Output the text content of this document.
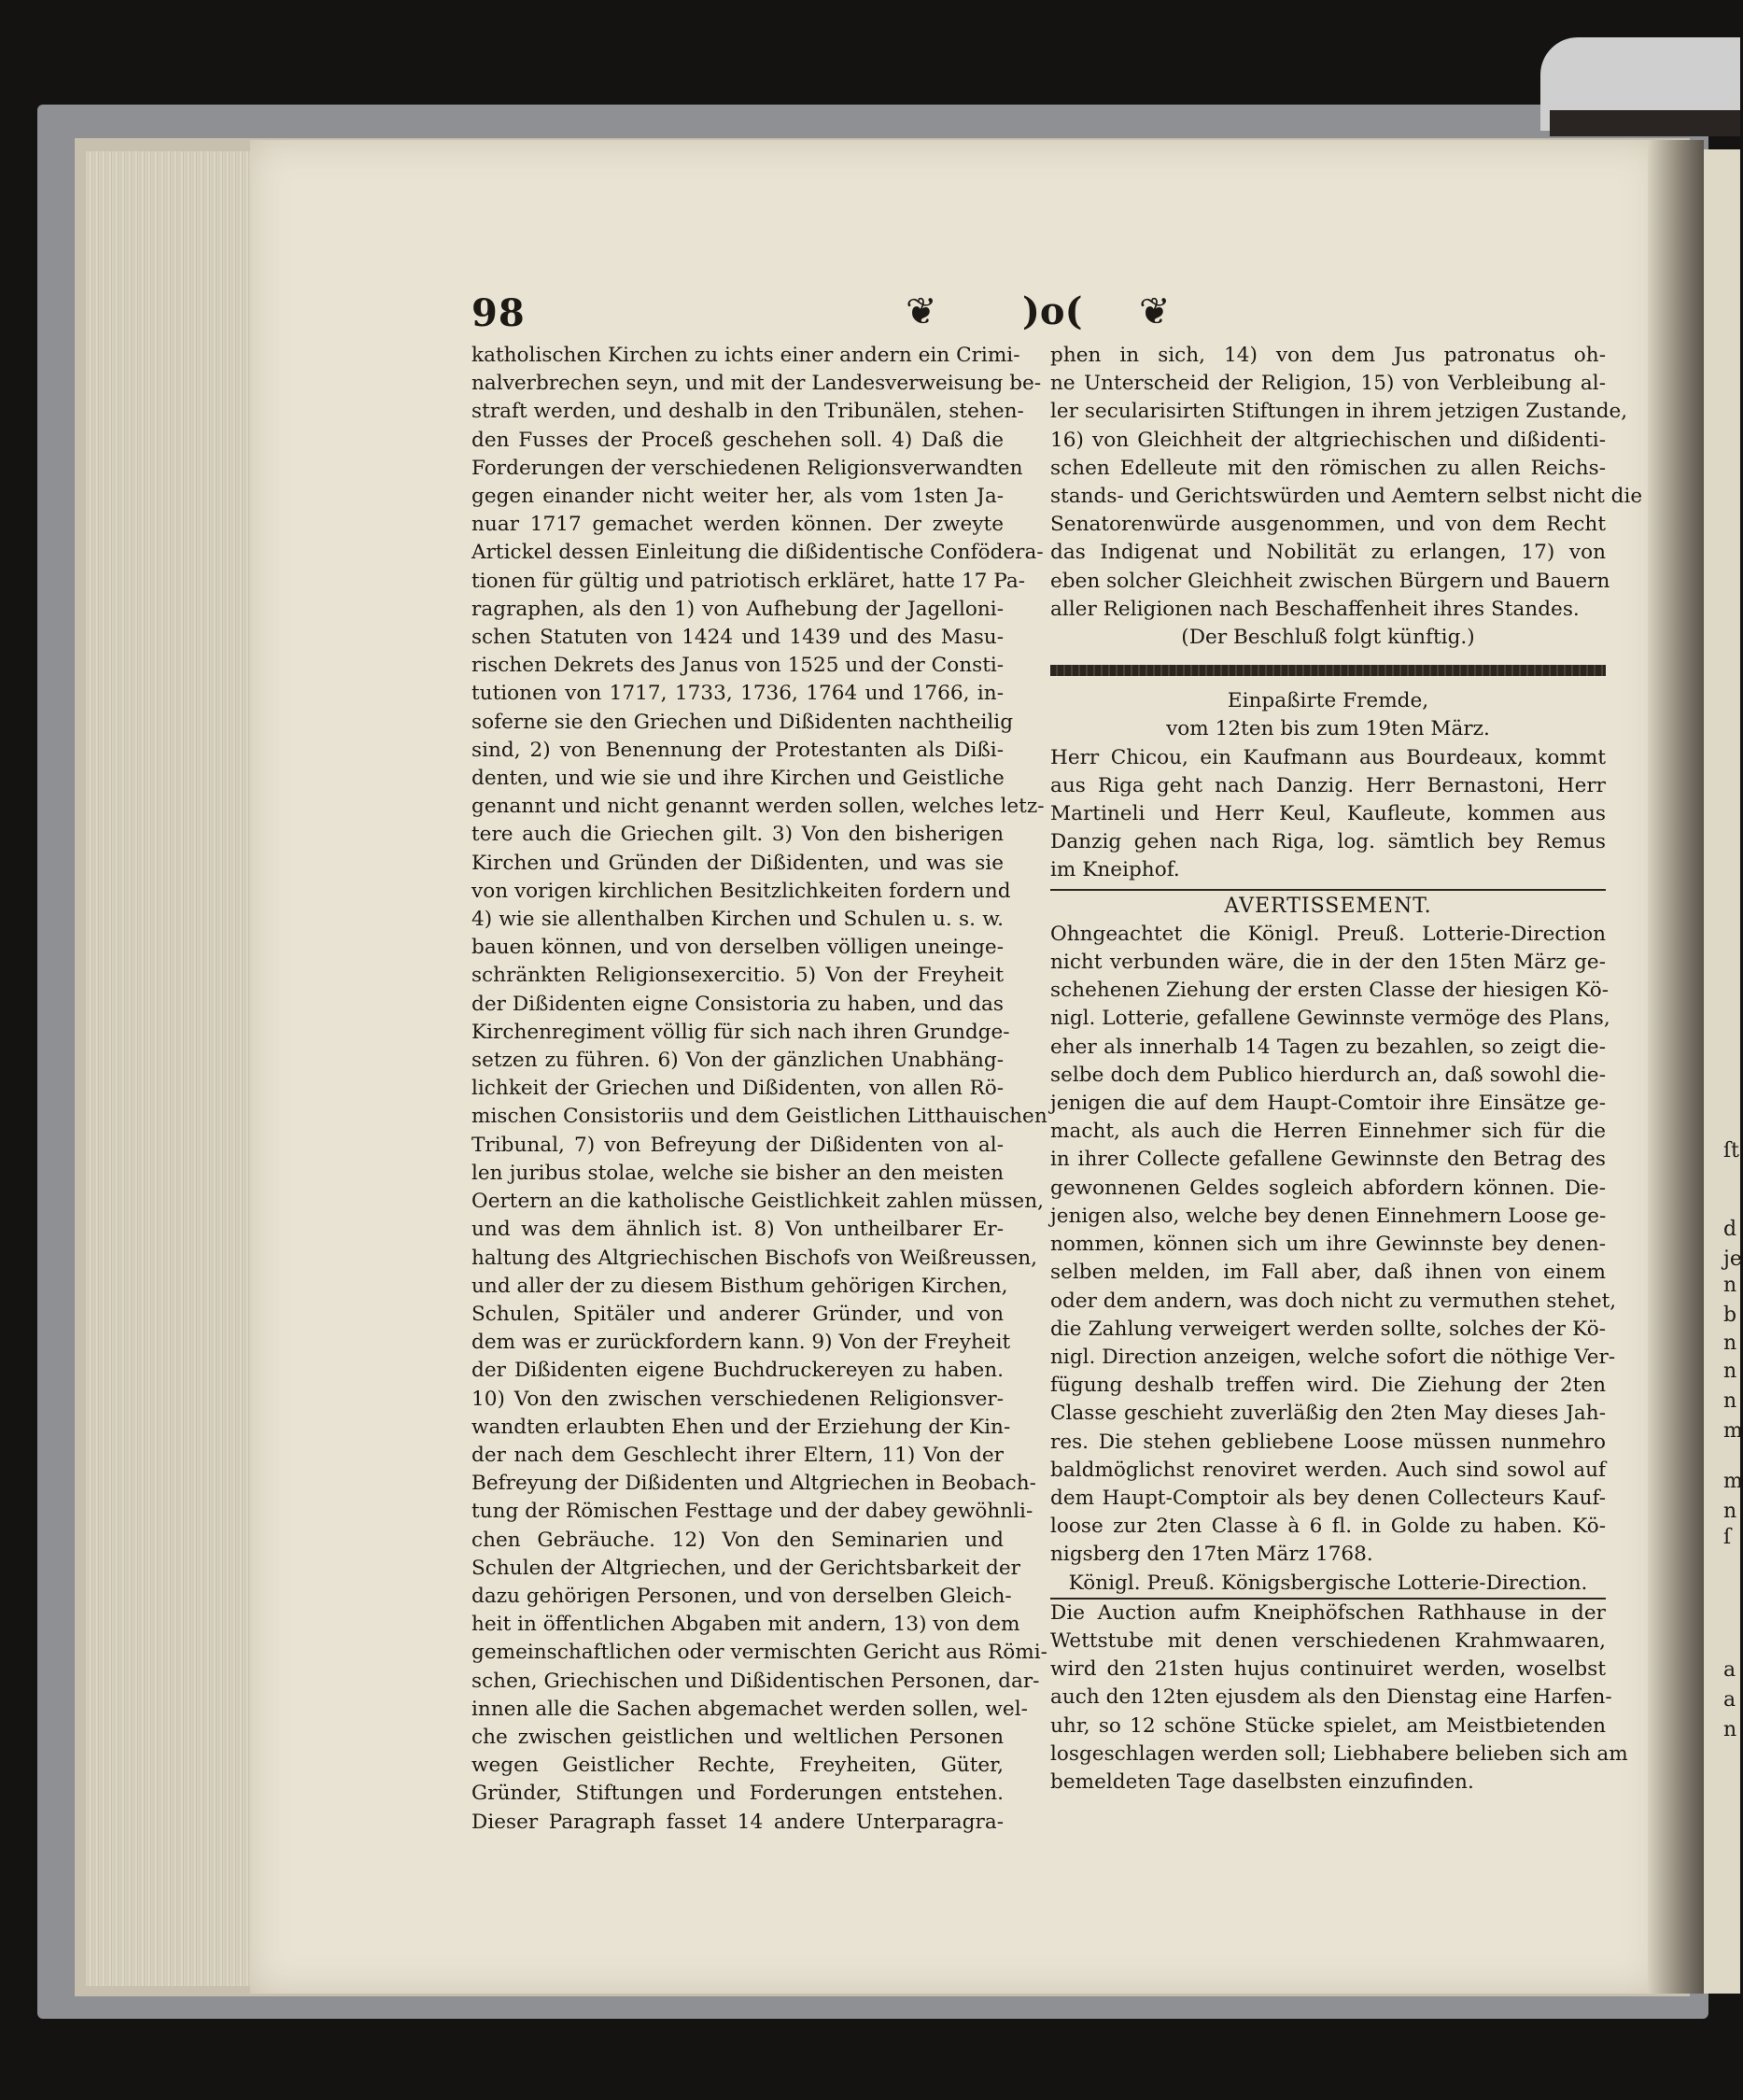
98	❦ )o( ❦
katholischen Kirchen zu ichts einer andern ein Crimi-
nalverbrechen seyn, und mit der Landesverweisung be-
straft werden, und deshalb in den Tribunälen, stehen-
den Fusses der Proceß geschehen soll. 4) Daß die
Forderungen der verschiedenen Religionsverwandten
gegen einander nicht weiter her, als vom 1sten Ja-
nuar 1717 gemachet werden können. Der zweyte
Artickel dessen Einleitung die dißidentische Confödera-
tionen für gültig und patriotisch erkläret, hatte 17 Pa-
ragraphen, als den 1) von Aufhebung der Jagelloni-
schen Statuten von 1424 und 1439 und des Masu-
rischen Dekrets des Janus von 1525 und der Consti-
tutionen von 1717, 1733, 1736, 1764 und 1766, in-
soferne sie den Griechen und Dißidenten nachtheilig
sind, 2) von Benennung der Protestanten als Dißi-
denten, und wie sie und ihre Kirchen und Geistliche
genannt und nicht genannt werden sollen, welches letz-
tere auch die Griechen gilt. 3) Von den bisherigen
Kirchen und Gründen der Dißidenten, und was sie
von vorigen kirchlichen Besitzlichkeiten fordern und
4) wie sie allenthalben Kirchen und Schulen u. s. w.
bauen können, und von derselben völligen uneinge-
schränkten Religionsexercitio. 5) Von der Freyheit
der Dißidenten eigne Consistoria zu haben, und das
Kirchenregiment völlig für sich nach ihren Grundge-
setzen zu führen. 6) Von der gänzlichen Unabhäng-
lichkeit der Griechen und Dißidenten, von allen Rö-
mischen Consistoriis und dem Geistlichen Litthauischen
Tribunal, 7) von Befreyung der Dißidenten von al-
len juribus stolae, welche sie bisher an den meisten
Oertern an die katholische Geistlichkeit zahlen müssen,
und was dem ähnlich ist. 8) Von untheilbarer Er-
haltung des Altgriechischen Bischofs von Weißreussen,
und aller der zu diesem Bisthum gehörigen Kirchen,
Schulen, Spitäler und anderer Gründer, und von
dem was er zurückfordern kann. 9) Von der Freyheit
der Dißidenten eigene Buchdruckereyen zu haben.
10) Von den zwischen verschiedenen Religionsver-
wandten erlaubten Ehen und der Erziehung der Kin-
der nach dem Geschlecht ihrer Eltern, 11) Von der
Befreyung der Dißidenten und Altgriechen in Beobach-
tung der Römischen Festtage und der dabey gewöhnli-
chen Gebräuche. 12) Von den Seminarien und
Schulen der Altgriechen, und der Gerichtsbarkeit der
dazu gehörigen Personen, und von derselben Gleich-
heit in öffentlichen Abgaben mit andern, 13) von dem
gemeinschaftlichen oder vermischten Gericht aus Römi-
schen, Griechischen und Dißidentischen Personen, dar-
innen alle die Sachen abgemachet werden sollen, wel-
che zwischen geistlichen und weltlichen Personen
wegen Geistlicher Rechte, Freyheiten, Güter,
Gründer, Stiftungen und Forderungen entstehen.
Dieser Paragraph fasset 14 andere Unterparagra-
phen in sich, 14) von dem Jus patronatus oh-
ne Unterscheid der Religion, 15) von Verbleibung al-
ler secularisirten Stiftungen in ihrem jetzigen Zustande,
16) von Gleichheit der altgriechischen und dißidenti-
schen Edelleute mit den römischen zu allen Reichs-
stands- und Gerichtswürden und Aemtern selbst nicht die
Senatorenwürde ausgenommen, und von dem Recht
das Indigenat und Nobilität zu erlangen, 17) von
eben solcher Gleichheit zwischen Bürgern und Bauern
aller Religionen nach Beschaffenheit ihres Standes.
(Der Beschluß folgt künftig.)
Einpaßirte Fremde,
vom 12ten bis zum 19ten März.
Herr Chicou, ein Kaufmann aus Bourdeaux, kommt
aus Riga geht nach Danzig. Herr Bernastoni, Herr
Martineli und Herr Keul, Kaufleute, kommen aus
Danzig gehen nach Riga, log. sämtlich bey Remus
im Kneiphof.
AVERTISSEMENT.
Ohngeachtet die Königl. Preuß. Lotterie-Direction
nicht verbunden wäre, die in der den 15ten März ge-
schehenen Ziehung der ersten Classe der hiesigen Kö-
nigl. Lotterie, gefallene Gewinnste vermöge des Plans,
eher als innerhalb 14 Tagen zu bezahlen, so zeigt die-
selbe doch dem Publico hierdurch an, daß sowohl die-
jenigen die auf dem Haupt-Comtoir ihre Einsätze ge-
macht, als auch die Herren Einnehmer sich für die
in ihrer Collecte gefallene Gewinnste den Betrag des
gewonnenen Geldes sogleich abfordern können. Die-
jenigen also, welche bey denen Einnehmern Loose ge-
nommen, können sich um ihre Gewinnste bey denen-
selben melden, im Fall aber, daß ihnen von einem
oder dem andern, was doch nicht zu vermuthen stehet,
die Zahlung verweigert werden sollte, solches der Kö-
nigl. Direction anzeigen, welche sofort die nöthige Ver-
fügung deshalb treffen wird. Die Ziehung der 2ten
Classe geschieht zuverläßig den 2ten May dieses Jah-
res. Die stehen gebliebene Loose müssen nunmehro
baldmöglichst renoviret werden. Auch sind sowol auf
dem Haupt-Comptoir als bey denen Collecteurs Kauf-
loose zur 2ten Classe à 6 fl. in Golde zu haben. Kö-
nigsberg den 17ten März 1768.
Königl. Preuß. Königsbergische Lotterie-Direction.
Die Auction aufm Kneiphöfschen Rathhause in der
Wettstube mit denen verschiedenen Krahmwaaren,
wird den 21sten hujus continuiret werden, woselbst
auch den 12ten ejusdem als den Dienstag eine Harfen-
uhr, so 12 schöne Stücke spielet, am Meistbietenden
losgeschlagen werden soll; Liebhabere belieben sich am
bemeldeten Tage daselbsten einzufinden.
ſt
d
je
n
b
n
n
n
m
m
n
ſ
a
a
n
